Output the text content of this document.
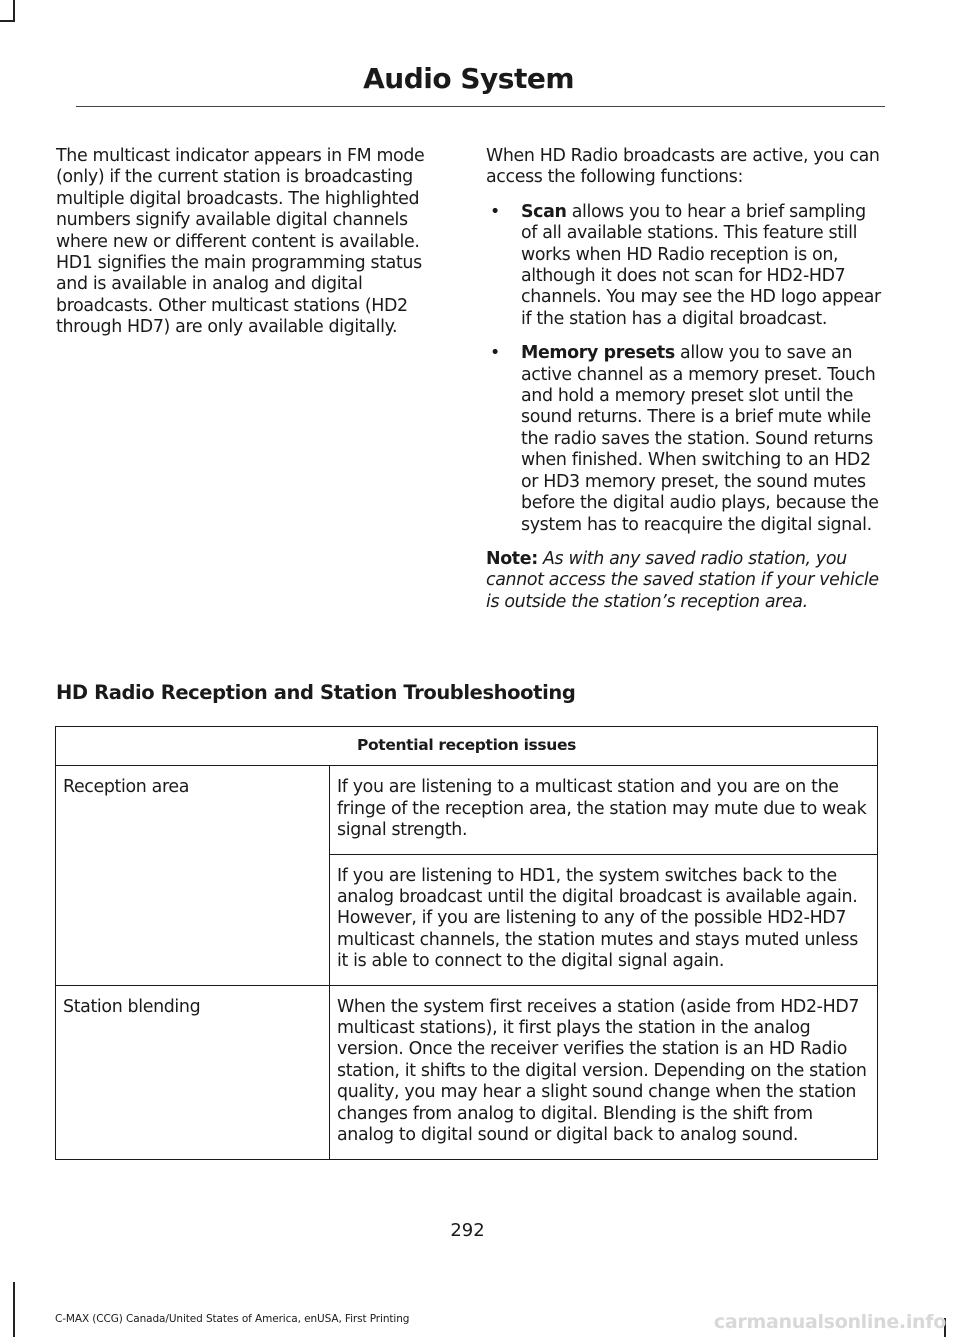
Audio System

The multicast indicator appears in FM mode (only) if the current station is broadcasting multiple digital broadcasts. The highlighted numbers signify available digital channels where new or different content is available. HD1 signifies the main programming status and is available in analog and digital broadcasts. Other multicast stations (HD2 through HD7) are only available digitally.

When HD Radio broadcasts are active, you can access the following functions:

• Scan allows you to hear a brief sampling of all available stations. This feature still works when HD Radio reception is on, although it does not scan for HD2-HD7 channels. You may see the HD logo appear if the station has a digital broadcast.
• Memory presets allow you to save an active channel as a memory preset. Touch and hold a memory preset slot until the sound returns. There is a brief mute while the radio saves the station. Sound returns when finished. When switching to an HD2 or HD3 memory preset, the sound mutes before the digital audio plays, because the system has to reacquire the digital signal.

Note: As with any saved radio station, you cannot access the saved station if your vehicle is outside the station’s reception area.

HD Radio Reception and Station Troubleshooting
Potential reception issues	
Reception area	If you are listening to a multicast station and you are on the fringe of the reception area, the station may mute due to weak signal strength.
	If you are listening to HD1, the system switches back to the analog broadcast until the digital broadcast is available again. However, if you are listening to any of the possible HD2-HD7 multicast channels, the station mutes and stays muted unless it is able to connect to the digital signal again.
Station blending	When the system first receives a station (aside from HD2-HD7 multicast stations), it first plays the station in the analog version. Once the receiver verifies the station is an HD Radio station, it shifts to the digital version. Depending on the station quality, you may hear a slight sound change when the station changes from analog to digital. Blending is the shift from analog to digital sound or digital back to analog sound.
292
C-MAX (CCG) Canada/United States of America, enUSA, First Printing	carmanualsonline.info
